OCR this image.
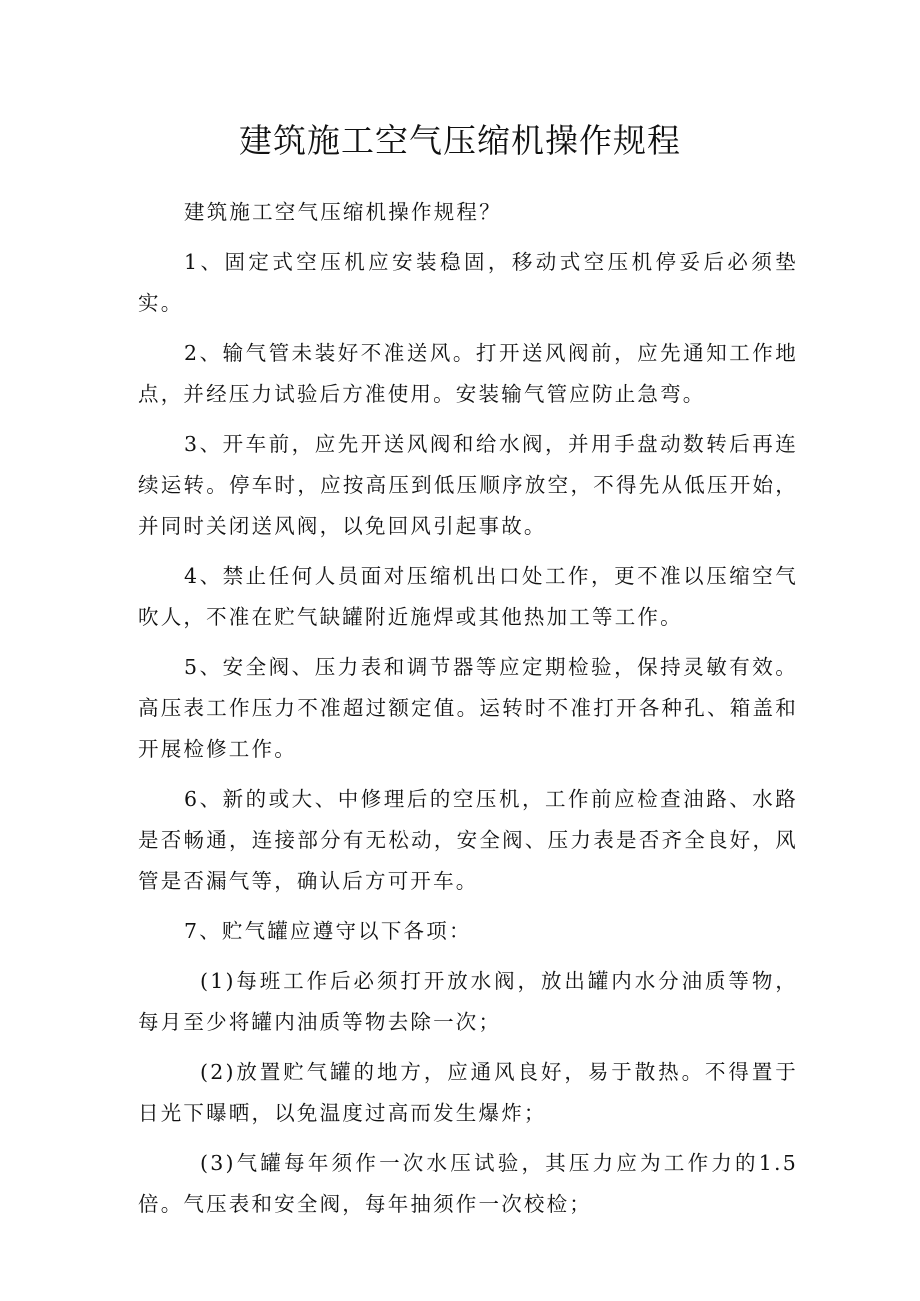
建筑施工空气压缩机操作规程

建筑施工空气压缩机操作规程？

1、固定式空压机应安装稳固，移动式空压机停妥后必须垫实。

2、输气管未装好不准送风。打开送风阀前，应先通知工作地点，并经压力试验后方准使用。安装输气管应防止急弯。

3、开车前，应先开送风阀和给水阀，并用手盘动数转后再连续运转。停车时，应按高压到低压顺序放空，不得先从低压开始，并同时关闭送风阀，以免回风引起事故。

4、禁止任何人员面对压缩机出口处工作，更不准以压缩空气吹人，不准在贮气缺罐附近施焊或其他热加工等工作。

5、安全阀、压力表和调节器等应定期检验，保持灵敏有效。高压表工作压力不准超过额定值。运转时不准打开各种孔、箱盖和开展检修工作。

6、新的或大、中修理后的空压机，工作前应检查油路、水路是否畅通，连接部分有无松动，安全阀、压力表是否齐全良好，风管是否漏气等，确认后方可开车。

7、贮气罐应遵守以下各项：

(1)每班工作后必须打开放水阀，放出罐内水分油质等物，每月至少将罐内油质等物去除一次；

(2)放置贮气罐的地方，应通风良好，易于散热。不得置于日光下曝晒，以免温度过高而发生爆炸；

(3)气罐每年须作一次水压试验，其压力应为工作力的1.5倍。气压表和安全阀，每年抽须作一次校检；
